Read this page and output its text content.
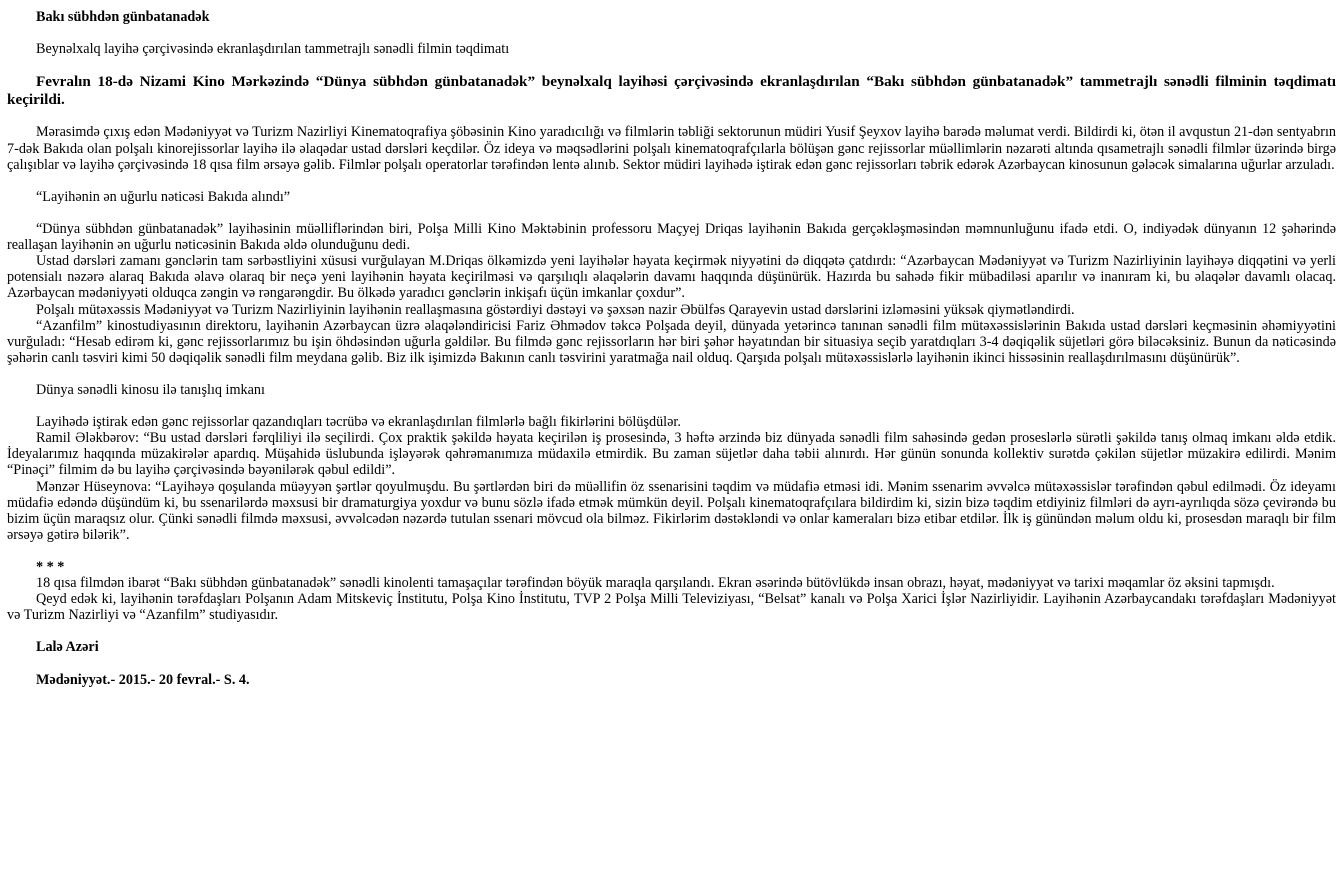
Bakı sübhdən günbatanadək

Beynəlxalq layihə çərçivəsində ekranlaşdırılan tammetrajlı sənədli filmin təqdimatı

Fevralın 18-də Nizami Kino Mərkəzində “Dünya sübhdən günbatanadək” beynəlxalq layihəsi çərçivəsində ekranlaşdırılan “Bakı sübhdən günbatanadək” tammetrajlı sənədli filminin təqdimatı keçirildi.

Mərasimdə çıxış edən Mədəniyyət və Turizm Nazirliyi Kinematoqrafiya şöbəsinin Kino yaradıcılığı və filmlərin təbliği sektorunun müdiri Yusif Şeyxov layihə barədə məlumat verdi. Bildirdi ki, ötən il avqustun 21-dən sentyabrın 7-dək Bakıda olan polşalı kinorejissorlar layihə ilə əlaqədar ustad dərsləri keçdilər. Öz ideya və məqsədlərini polşalı kinematoqrafçılarla bölüşən gənc rejissorlar müəllimlərin nəzarəti altında qısametrajlı sənədli filmlər üzərində birgə çalışıblar və layihə çərçivəsində 18 qısa film ərsəyə gəlib. Filmlər polşalı operatorlar tərəfindən lentə alınıb. Sektor müdiri layihədə iştirak edən gənc rejissorları təbrik edərək Azərbaycan kinosunun gələcək simalarına uğurlar arzuladı.

“Layihənin ən uğurlu nəticəsi Bakıda alındı”

“Dünya sübhdən günbatanadək” layihəsinin müəlliflərindən biri, Polşa Milli Kino Məktəbinin professoru Maçyej Driqas layihənin Bakıda gerçəkləşməsindən məmnunluğunu ifadə etdi. O, indiyədək dünyanın 12 şəhərində reallaşan layihənin ən uğurlu nəticəsinin Bakıda əldə olunduğunu dedi.

Ustad dərsləri zamanı gənclərin tam sərbəstliyini xüsusi vurğulayan M.Driqas ölkəmizdə yeni layihələr həyata keçirmək niyyətini də diqqətə çatdırdı: “Azərbaycan Mədəniyyət və Turizm Nazirliyinin layihəyə diqqətini və yerli potensialı nəzərə alaraq Bakıda əlavə olaraq bir neçə yeni layihənin həyata keçirilməsi və qarşılıqlı əlaqələrin davamı haqqında düşünürük. Hazırda bu sahədə fikir mübadiləsi aparılır və inanıram ki, bu əlaqələr davamlı olacaq. Azərbaycan mədəniyyəti olduqca zəngin və rəngarəngdir. Bu ölkədə yaradıcı gənclərin inkişafı üçün imkanlar çoxdur”.

Polşalı mütəxəssis Mədəniyyət və Turizm Nazirliyinin layihənin reallaşmasına göstərdiyi dəstəyi və şəxsən nazir Əbülfəs Qarayevin ustad dərslərini izləməsini yüksək qiymətləndirdi.

“Azanfilm” kinostudiyasının direktoru, layihənin Azərbaycan üzrə əlaqələndiricisi Fariz Əhmədov təkcə Polşada deyil, dünyada yetərincə tanınan sənədli film mütəxəssislərinin Bakıda ustad dərsləri keçməsinin əhəmiyyətini vurğuladı: “Hesab edirəm ki, gənc rejissorlarımız bu işin öhdəsindən uğurla gəldilər. Bu filmdə gənc rejissorların hər biri şəhər həyatından bir situasiya seçib yaratdıqları 3-4 dəqiqəlik süjetləri görə biləcəksiniz. Bunun da nəticəsində şəhərin canlı təsviri kimi 50 dəqiqəlik sənədli film meydana gəlib. Biz ilk işimizdə Bakının canlı təsvirini yaratmağa nail olduq. Qarşıda polşalı mütəxəssislərlə layihənin ikinci hissəsinin reallaşdırılmasını düşünürük”.

Dünya sənədli kinosu ilə tanışlıq imkanı

Layihədə iştirak edən gənc rejissorlar qazandıqları təcrübə və ekranlaşdırılan filmlərlə bağlı fikirlərini bölüşdülər.

Ramil Ələkbərov: “Bu ustad dərsləri fərqliliyi ilə seçilirdi. Çox praktik şəkildə həyata keçirilən iş prosesində, 3 həftə ərzində biz dünyada sənədli film sahəsində gedən proseslərlə sürətli şəkildə tanış olmaq imkanı əldə etdik. İdeyalarımız haqqında müzakirələr apardıq. Müşahidə üslubunda işləyərək qəhrəmanımıza müdaxilə etmirdik. Bu zaman süjetlər daha təbii alınırdı. Hər günün sonunda kollektiv surətdə çəkilən süjetlər müzakirə edilirdi. Mənim “Pinəçi” filmim də bu layihə çərçivəsində bəyənilərək qəbul edildi”.

Mənzər Hüseynova: “Layihəyə qoşulanda müəyyən şərtlər qoyulmuşdu. Bu şərtlərdən biri də müəllifin öz ssenarisini təqdim və müdafiə etməsi idi. Mənim ssenarim əvvəlcə mütəxəssislər tərəfindən qəbul edilmədi. Öz ideyamı müdafiə edəndə düşündüm ki, bu ssenarilərdə məxsusi bir dramaturgiya yoxdur və bunu sözlə ifadə etmək mümkün deyil. Polşalı kinematoqrafçılara bildirdim ki, sizin bizə təqdim etdiyiniz filmləri də ayrı-ayrılıqda sözə çevirəndə bu bizim üçün maraqsız olur. Çünki sənədli filmdə məxsusi, əvvəlcədən nəzərdə tutulan ssenari mövcud ola bilməz. Fikirlərim dəstəkləndi və onlar kameraları bizə etibar etdilər. İlk iş günündən məlum oldu ki, prosesdən maraqlı bir film ərsəyə gətirə bilərik”.

* * *

18 qısa filmdən ibarət “Bakı sübhdən günbatanadək” sənədli kinolenti tamaşaçılar tərəfindən böyük maraqla qarşılandı. Ekran əsərində bütövlükdə insan obrazı, həyat, mədəniyyət və tarixi məqamlar öz əksini tapmışdı.

Qeyd edək ki, layihənin tərəfdaşları Polşanın Adam Mitskeviç İnstitutu, Polşa Kino İnstitutu, TVP 2 Polşa Milli Televiziyası, “Belsat” kanalı və Polşa Xarici İşlər Nazirliyidir. Layihənin Azərbaycandakı tərəfdaşları Mədəniyyət və Turizm Nazirliyi və “Azanfilm” studiyasıdır.

Lalə Azəri

Mədəniyyət.- 2015.- 20 fevral.- S. 4.
